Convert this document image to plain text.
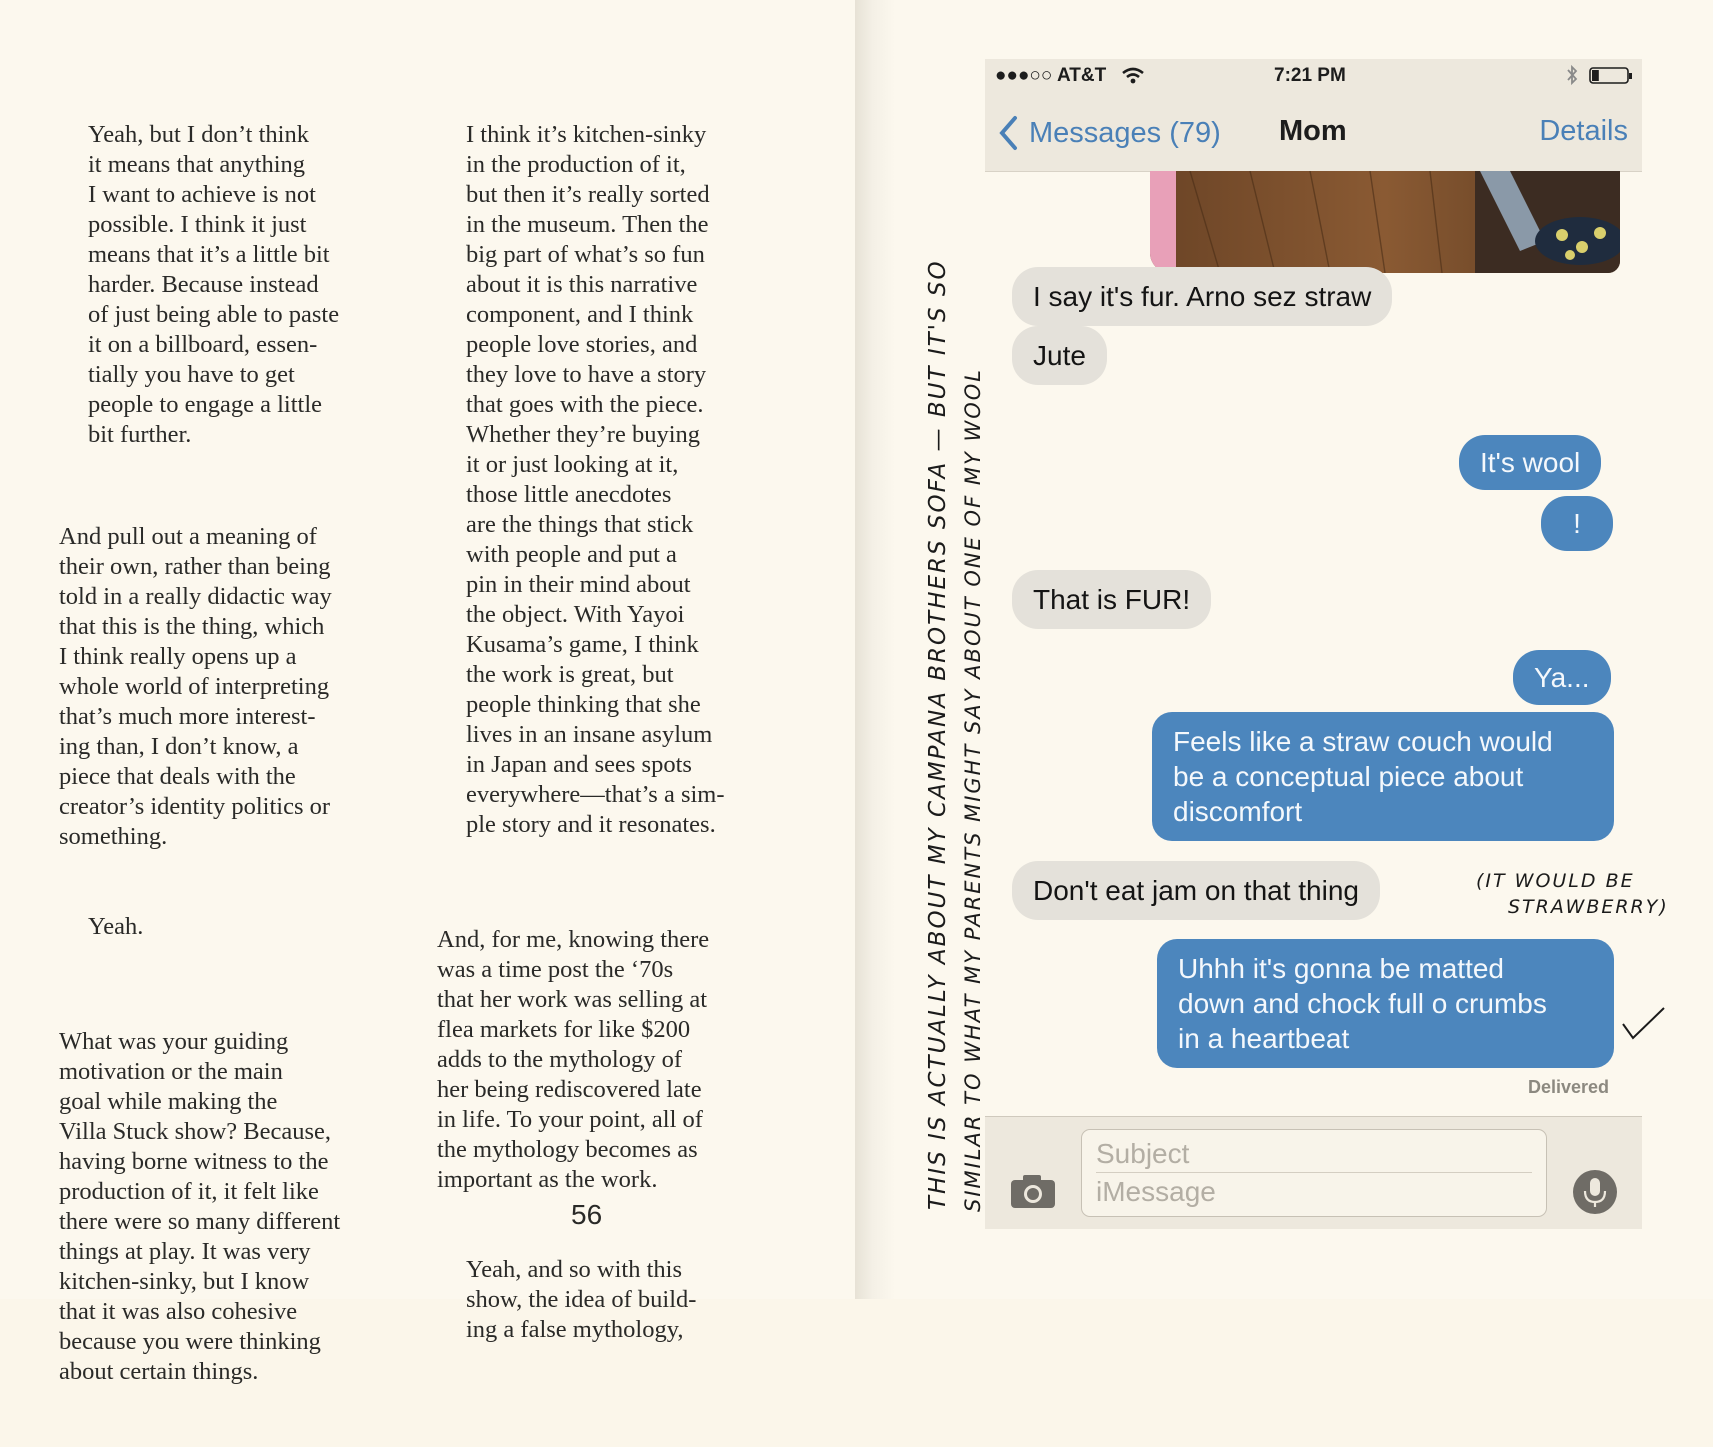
Yeah, but I don’t think
it means that anything
I want to achieve is not
possible. I think it just
means that it’s a little bit
harder. Because instead
of just being able to paste
it on a billboard, essen-
tially you have to get
people to engage a little
bit further.

And pull out a meaning of
their own, rather than being
told in a really didactic way
that this is the thing, which
I think really opens up a
whole world of interpreting
that’s much more interest-
ing than, I don’t know, a
piece that deals with the
creator’s identity politics or
something.

Yeah.

What was your guiding
motivation or the main
goal while making the
Villa Stuck show? Because,
having borne witness to the
production of it, it felt like
there were so many different
things at play. It was very
kitchen-sinky, but I know
that it was also cohesive
because you were thinking
about certain things.

I think it’s kitchen-sinky
in the production of it,
but then it’s really sorted
in the museum. Then the
big part of what’s so fun
about it is this narrative
component, and I think
people love stories, and
they love to have a story
that goes with the piece.
Whether they’re buying
it or just looking at it,
those little anecdotes
are the things that stick
with people and put a
pin in their mind about
the object. With Yayoi
Kusama’s game, I think
the work is great, but
people thinking that she
lives in an insane asylum
in Japan and sees spots
everywhere—that’s a sim-
ple story and it resonates.

And, for me, knowing there
was a time post the ‘70s
that her work was selling at
flea markets for like $200
adds to the mythology of
her being rediscovered late
in life. To your point, all of
the mythology becomes as
important as the work.

Yeah, and so with this
show, the idea of build-
ing a false mythology,

56
THIS IS ACTUALLY ABOUT MY CAMPANA BROTHERS SOFA — BUT IT'S SO SIMILAR TO WHAT MY PARENTS MIGHT SAY ABOUT ONE OF MY WOOL
●●●○○ AT&T	7:21 PM
Messages (79) Mom	Details
I say it's fur. Arno sez straw
Jute
It's wool
!
That is FUR!
Ya...
Feels like a straw couch would
be a conceptual piece about
discomfort
Don't eat jam on that thing
Uhhh it's gonna be matted
down and chock full o crumbs
in a heartbeat
Delivered
Subject
iMessage
(IT WOULD BE
STRAWBERRY)
